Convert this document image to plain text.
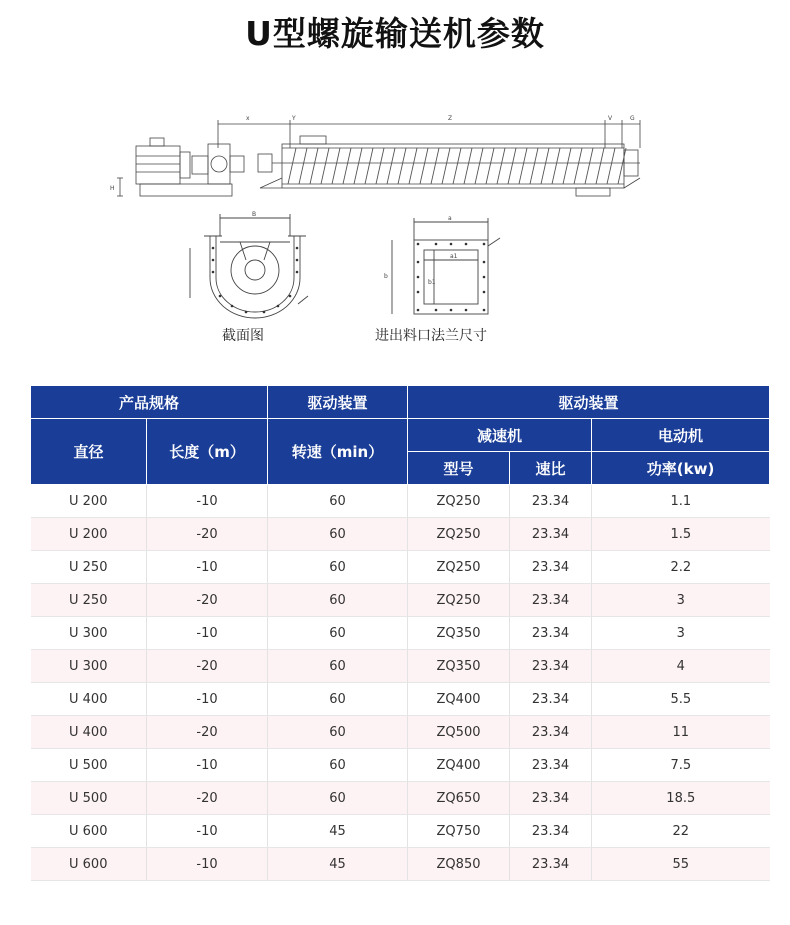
U型螺旋输送机参数
x	Y	Z	V	G
H
B
a
b
a1
b1
截面图	进出料口法兰尺寸
产品规格		驱动装置	驱动装置		
直径	长度（m）	转速（min）	减速机		电动机
			型号	速比	功率(kw)
U 200	-10	60	ZQ250	23.34	1.1
U 200	-20	60	ZQ250	23.34	1.5
U 250	-10	60	ZQ250	23.34	2.2
U 250	-20	60	ZQ250	23.34	3
U 300	-10	60	ZQ350	23.34	3
U 300	-20	60	ZQ350	23.34	4
U 400	-10	60	ZQ400	23.34	5.5
U 400	-20	60	ZQ500	23.34	11
U 500	-10	60	ZQ400	23.34	7.5
U 500	-20	60	ZQ650	23.34	18.5
U 600	-10	45	ZQ750	23.34	22
U 600	-10	45	ZQ850	23.34	55
